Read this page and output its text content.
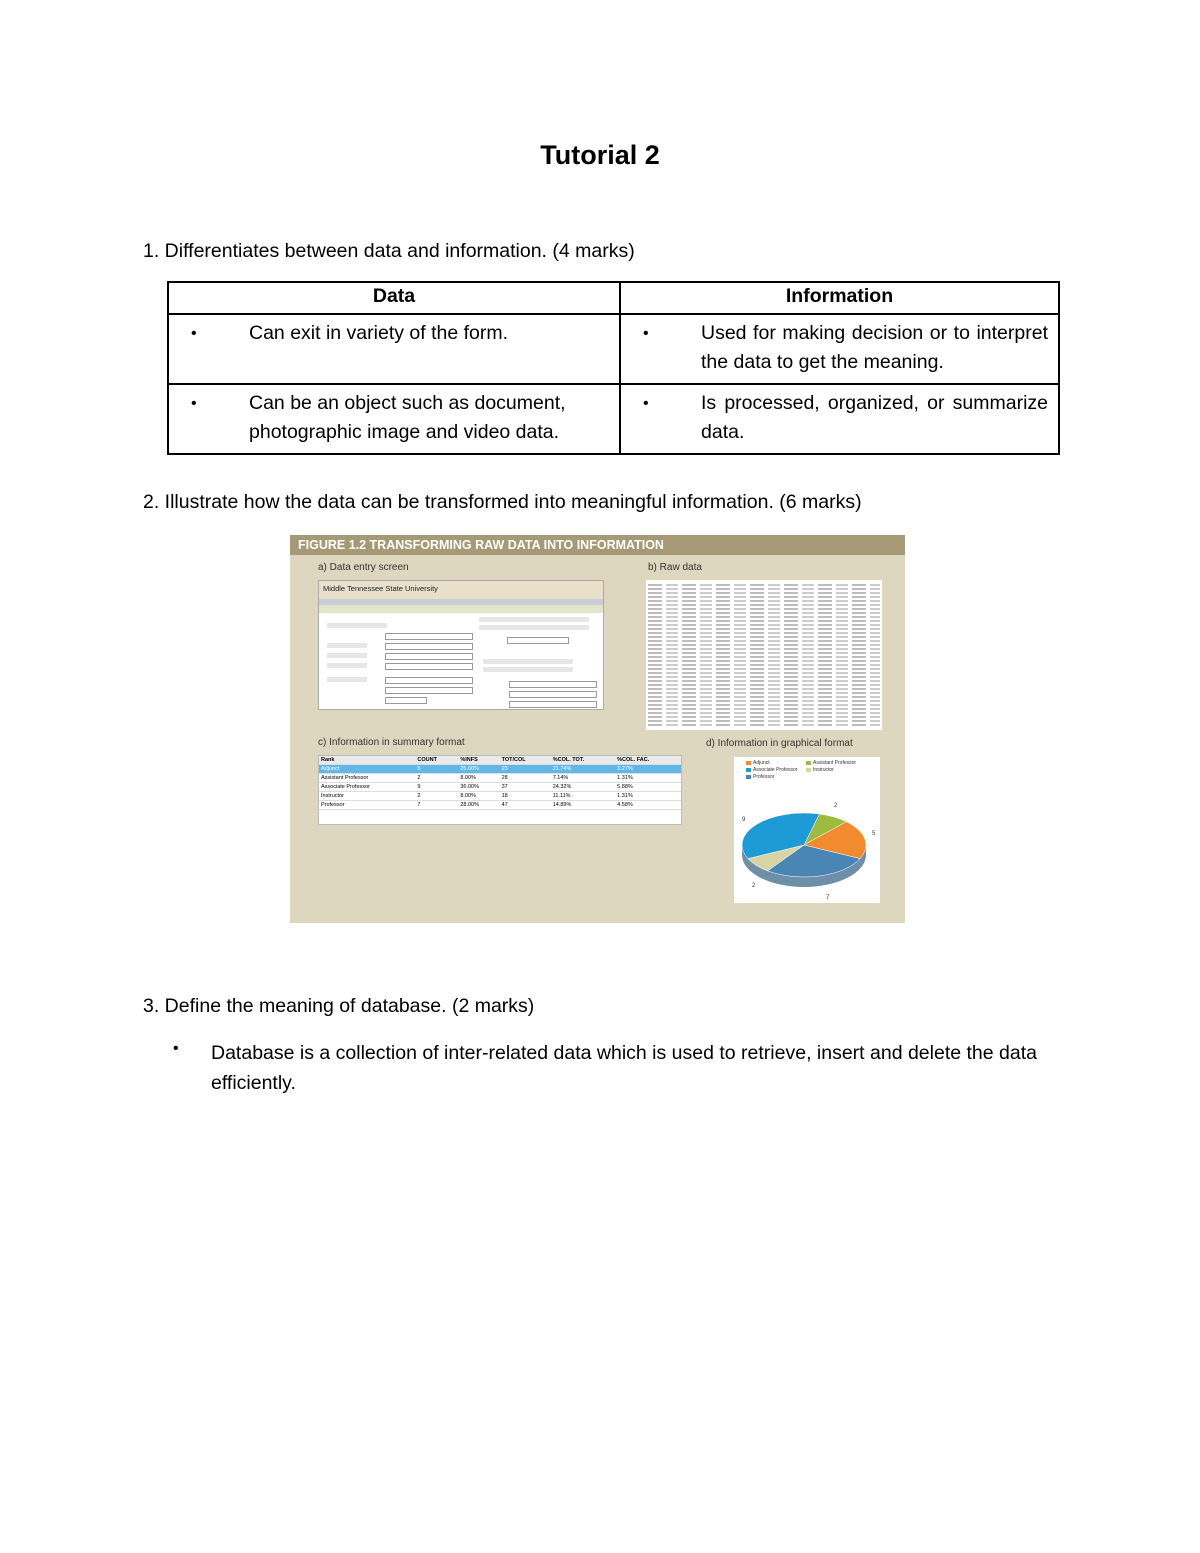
Tutorial 2
1. Differentiates between data and information. (4 marks)
Data	Information

• Can exit in variety of the form.	• Used for making decision or to interpret the data to get the meaning.

• Can be an object such as document, photographic image and video data.	• Is processed, organized, or summarize data.
2. Illustrate how the data can be transformed into meaningful information. (6 marks)
FIGURE 1.2 TRANSFORMING RAW DATA INTO INFORMATION
a) Data entry screen	b) Raw data
c) Information in summary format	d) Information in graphical format
Middle Tennessee State University
Rank	COUNT	%INFS	TOT/COL	%COL. TOT.	%COL. FAC.
Adjunct	5	25.00%	23	21.74%	3.27%
Assistant Professor	2	8.00%	28	7.14%	1.31%
Associate Professor	9	36.00%	37	24.32%	5.88%
Instructor	2	8.00%	18	11.11%	1.31%
Professor	7	28.00%	47	14.89%	4.58%
Adjunct	Assistant Professor
Associate Professor	Instructor
Professor
2
5
9
2
7
3. Define the meaning of database. (2 marks)
• Database is a collection of inter-related data which is used to retrieve, insert and delete the data efficiently.
